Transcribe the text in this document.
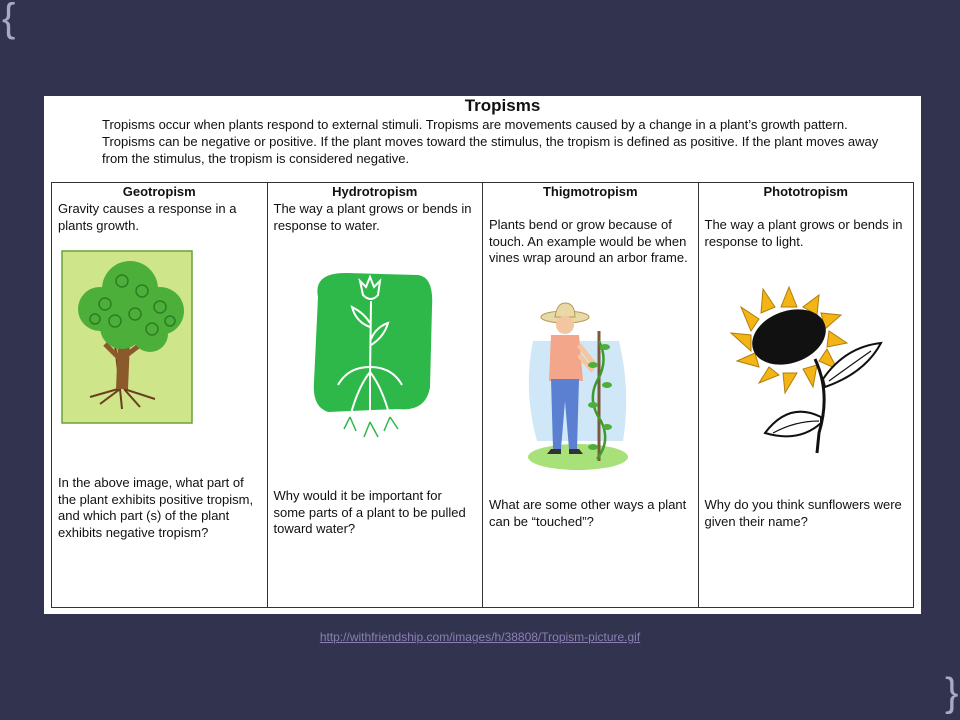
{
{
Tropisms
Tropisms occur when plants respond to external stimuli. Tropisms are movements caused by a change in a plant’s growth pattern. Tropisms can be negative or positive. If the plant moves toward the stimulus, the tropism is defined as positive. If the plant moves away from the stimulus, the tropism is considered negative.
Geotropism
Gravity causes a response in a plants growth.
In the above image, what part of the plant exhibits positive tropism, and which part (s) of the plant exhibits negative tropism?
Hydrotropism
The way a plant grows or bends in response to water.
Why would it be important for some parts of a plant to be pulled toward water?
Thigmotropism
Plants bend or grow because of touch. An example would be when vines wrap around an arbor frame.
What are some other ways a plant can be “touched”?
Phototropism
The way a plant grows or bends in response to light.
Why do you think sunflowers were given their name?
http://withfriendship.com/images/h/38808/Tropism-picture.gif
